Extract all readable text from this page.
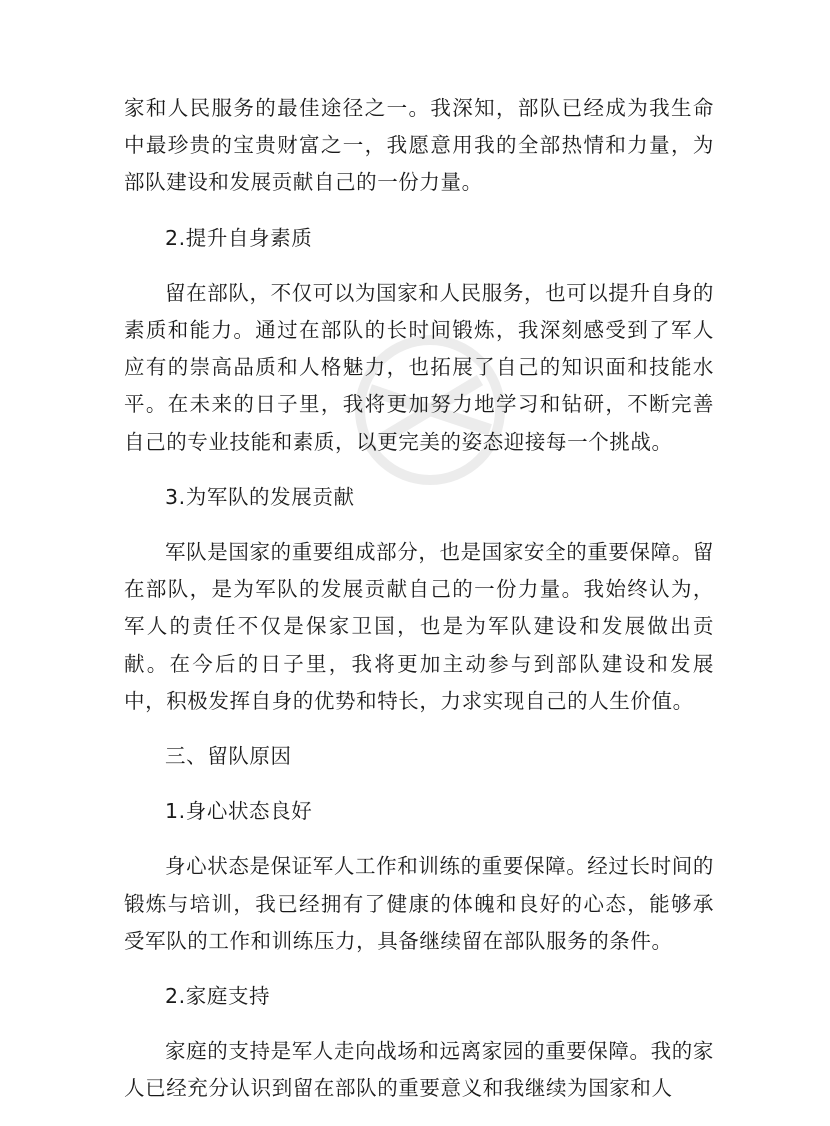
家和人民服务的最佳途径之一。我深知，部队已经成为我生命中最珍贵的宝贵财富之一，我愿意用我的全部热情和力量，为部队建设和发展贡献自己的一份力量。

2.提升自身素质

留在部队，不仅可以为国家和人民服务，也可以提升自身的素质和能力。通过在部队的长时间锻炼，我深刻感受到了军人应有的崇高品质和人格魅力，也拓展了自己的知识面和技能水平。在未来的日子里，我将更加努力地学习和钻研，不断完善自己的专业技能和素质，以更完美的姿态迎接每一个挑战。

3.为军队的发展贡献

军队是国家的重要组成部分，也是国家安全的重要保障。留在部队，是为军队的发展贡献自己的一份力量。我始终认为，军人的责任不仅是保家卫国，也是为军队建设和发展做出贡献。在今后的日子里，我将更加主动参与到部队建设和发展中，积极发挥自身的优势和特长，力求实现自己的人生价值。

三、留队原因

1.身心状态良好

身心状态是保证军人工作和训练的重要保障。经过长时间的锻炼与培训，我已经拥有了健康的体魄和良好的心态，能够承受军队的工作和训练压力，具备继续留在部队服务的条件。

2.家庭支持

家庭的支持是军人走向战场和远离家园的重要保障。我的家人已经充分认识到留在部队的重要意义和我继续为国家和人
